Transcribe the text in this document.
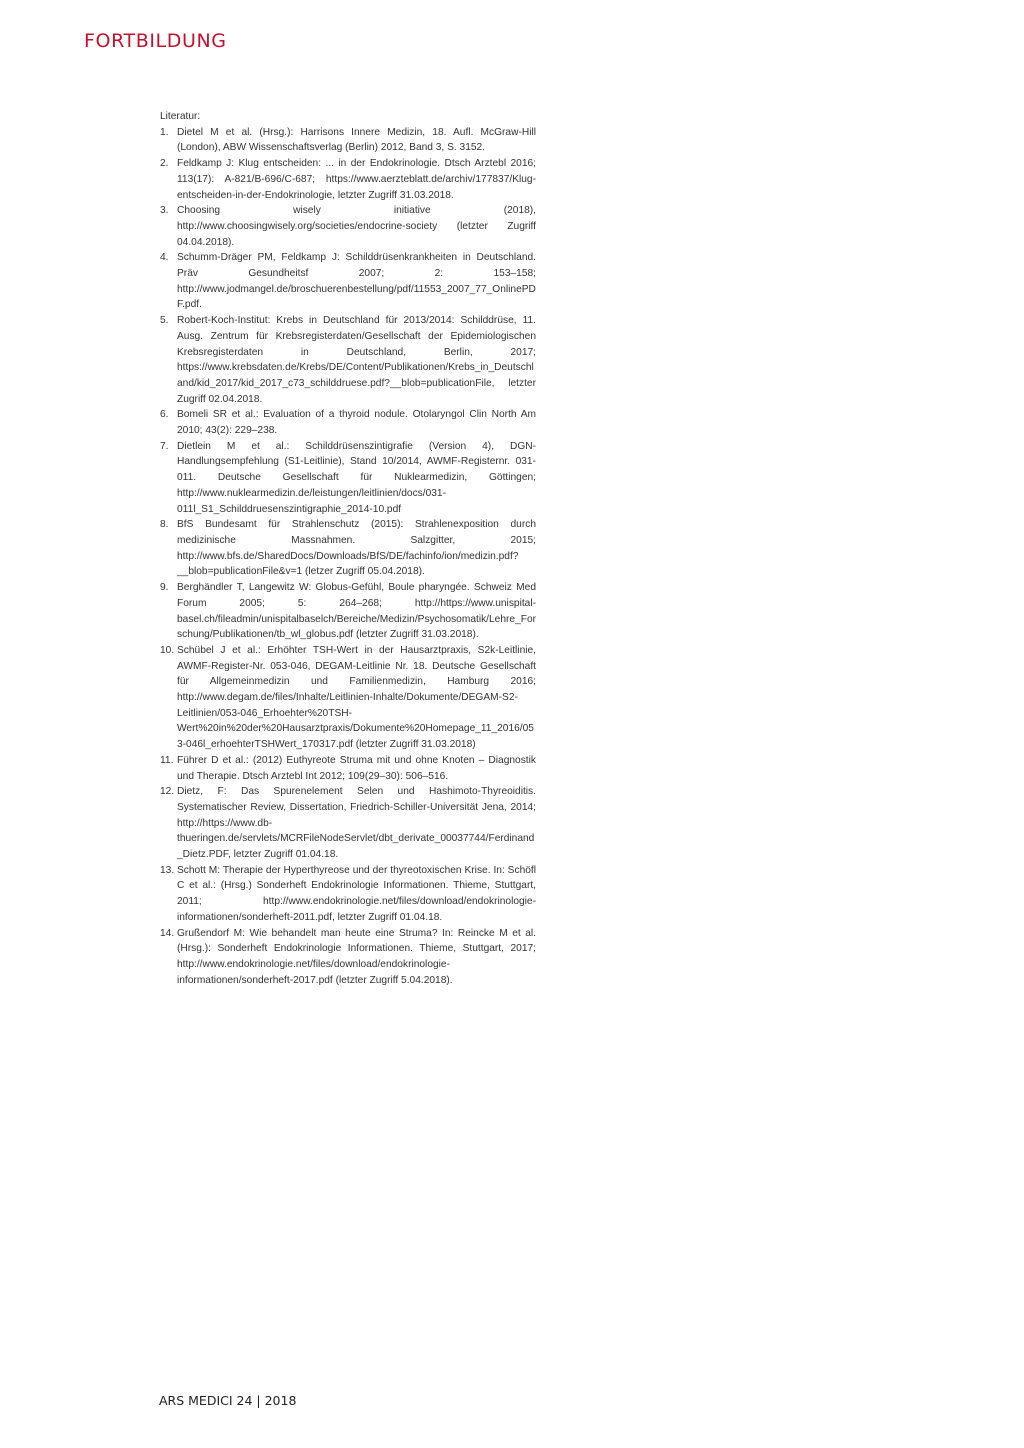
FORTBILDUNG

Literatur:

1. Dietel M et al. (Hrsg.): Harrisons Innere Medizin, 18. Aufl. McGraw-Hill (London), ABW Wissenschaftsverlag (Berlin) 2012, Band 3, S. 3152.
2. Feldkamp J: Klug entscheiden: ... in der Endokrinologie. Dtsch Arztebl 2016; 113(17): A-821/B-696/C-687; https://www.aerzteblatt.de/archiv/177837/Klug-entscheiden-in-der-Endokrinologie, letzter Zugriff 31.03.2018.
3. Choosing wisely initiative (2018), http://www.choosingwisely.org/societies/endocrine-society (letzter Zugriff 04.04.2018).
4. Schumm-Dräger PM, Feldkamp J: Schilddrüsenkrankheiten in Deutschland. Präv Gesundheitsf 2007; 2: 153–158; http://www.jodmangel.de/broschuerenbestellung/pdf/11553_2007_77_OnlinePDF.pdf.
5. Robert-Koch-Institut: Krebs in Deutschland für 2013/2014: Schilddrüse, 11. Ausg. Zentrum für Krebsregisterdaten/Gesellschaft der Epidemiologischen Krebsregisterdaten in Deutschland, Berlin, 2017; https://www.krebsdaten.de/Krebs/DE/Content/Publikationen/Krebs_in_Deutschland/kid_2017/kid_2017_c73_schilddruese.pdf?__blob=publicationFile, letzter Zugriff 02.04.2018.
6. Bomeli SR et al.: Evaluation of a thyroid nodule. Otolaryngol Clin North Am 2010; 43(2): 229–238.
7. Dietlein M et al.: Schilddrüsenszintigrafie (Version 4), DGN-Handlungsempfehlung (S1-Leitlinie), Stand 10/2014, AWMF-Registernr. 031-011. Deutsche Gesellschaft für Nuklearmedizin, Göttingen; http://www.nuklearmedizin.de/leistungen/leitlinien/docs/031-011l_S1_Schilddruesenszintigraphie_2014-10.pdf
8. BfS Bundesamt für Strahlenschutz (2015): Strahlenexposition durch medizinische Massnahmen. Salzgitter, 2015; http://www.bfs.de/SharedDocs/Downloads/BfS/DE/fachinfo/ion/medizin.pdf?__blob=publicationFile&v=1 (letzer Zugriff 05.04.2018).
9. Berghändler T, Langewitz W: Globus-Gefühl, Boule pharyngée. Schweiz Med Forum 2005; 5: 264–268; http://https://www.unispital-basel.ch/fileadmin/unispitalbaselch/Bereiche/Medizin/Psychosomatik/Lehre_Forschung/Publikationen/tb_wl_globus.pdf (letzter Zugriff 31.03.2018).
10. Schübel J et al.: Erhöhter TSH-Wert in der Hausarztpraxis, S2k-Leitlinie, AWMF-Register-Nr. 053-046, DEGAM-Leitlinie Nr. 18. Deutsche Gesellschaft für Allgemeinmedizin und Familienmedizin, Hamburg 2016; http://www.degam.de/files/Inhalte/Leitlinien-Inhalte/Dokumente/DEGAM-S2-Leitlinien/053-046_Erhoehter%20TSH-Wert%20in%20der%20Hausarztpraxis/Dokumente%20Homepage_11_2016/053-046l_erhoehterTSHWert_170317.pdf (letzter Zugriff 31.03.2018)
11. Führer D et al.: (2012) Euthyreote Struma mit und ohne Knoten – Diagnostik und Therapie. Dtsch Arztebl Int 2012; 109(29–30): 506–516.
12. Dietz, F: Das Spurenelement Selen und Hashimoto-Thyreoiditis. Systematischer Review, Dissertation, Friedrich-Schiller-Universität Jena, 2014; http://https://www.db-thueringen.de/servlets/MCRFileNodeServlet/dbt_derivate_00037744/Ferdinand_Dietz.PDF, letzter Zugriff 01.04.18.
13. Schott M: Therapie der Hyperthyreose und der thyreotoxischen Krise. In: Schöfl C et al.: (Hrsg.) Sonderheft Endokrinologie Informationen. Thieme, Stuttgart, 2011; http://www.endokrinologie.net/files/download/endokrinologie-informationen/sonderheft-2011.pdf, letzter Zugriff 01.04.18.
14. Grußendorf M: Wie behandelt man heute eine Struma? In: Reincke M et al. (Hrsg.): Sonderheft Endokrinologie Informationen. Thieme, Stuttgart, 2017; http://www.endokrinologie.net/files/download/endokrinologie-informationen/sonderheft-2017.pdf (letzter Zugriff 5.04.2018).
ARS MEDICI 24 | 2018
